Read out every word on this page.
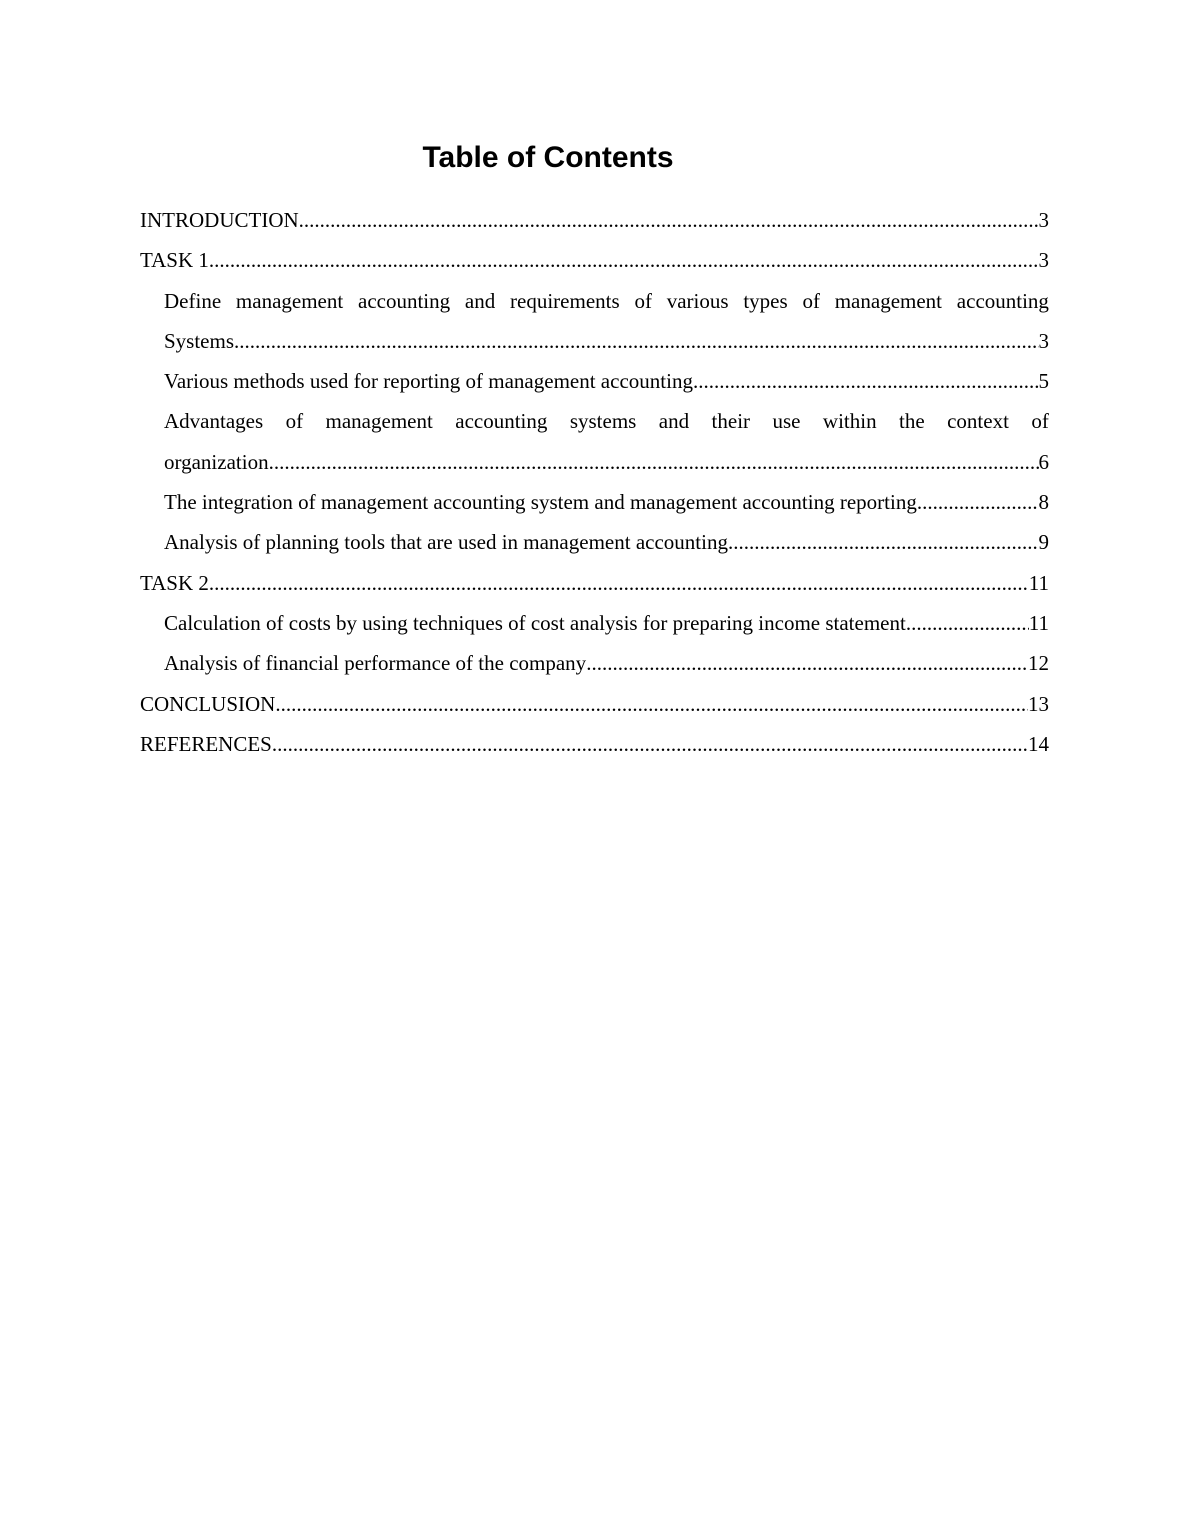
Table of Contents
INTRODUCTION .....	3
TASK 1 .....	3
Define management accounting and requirements of various types of management accounting
Systems .....	3
Various methods used for reporting of management accounting .....	5
Advantages of management accounting systems and their use within the context of
organization .....	6
The integration of management accounting system and management accounting reporting. .....	8
Analysis of planning tools that are used in management accounting .....	9
TASK 2 .....	11
Calculation of costs by using techniques of cost analysis for preparing income statement. .....	11
Analysis of financial performance of the company .....	12
CONCLUSION .....	13
REFERENCES .....	14
